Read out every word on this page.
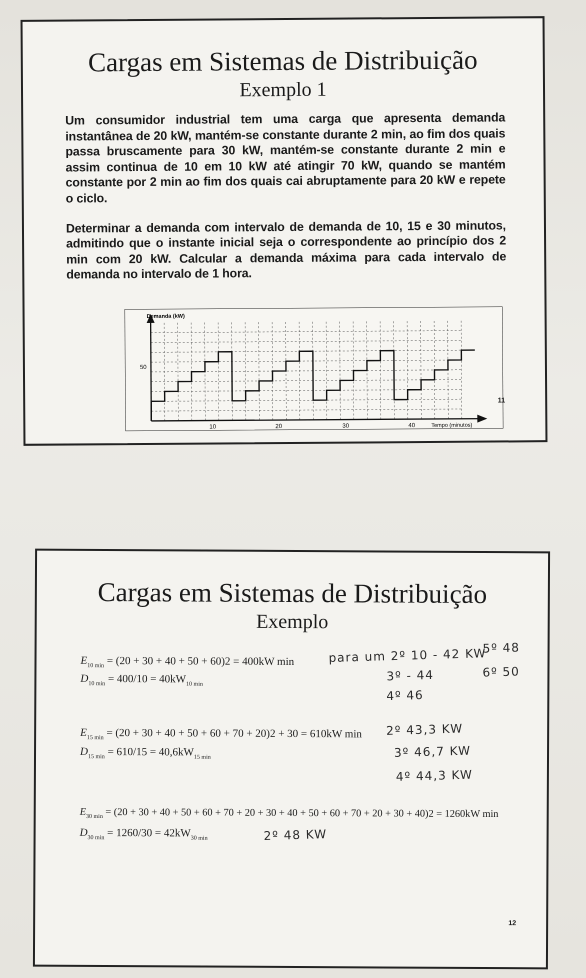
Cargas em Sistemas de Distribuição
Exemplo 1
Um consumidor industrial tem uma carga que apresenta demanda instantânea de 20 kW, mantém-se constante durante 2 min, ao fim dos quais passa bruscamente para 30 kW, mantém-se constante durante 2 min e assim continua de 10 em 10 kW até atingir 70 kW, quando se mantém constante por 2 min ao fim dos quais cai abruptamente para 20 kW e repete o ciclo.
Determinar a demanda com intervalo de demanda de 10, 15 e 30 minutos, admitindo que o instante inicial seja o correspondente ao princípio dos 2 min com 20 kW. Calcular a demanda máxima para cada intervalo de demanda no intervalo de 1 hora.
Demanda (kW)
Tempo (minutos)
50
10	20	30	40
11
Cargas em Sistemas de Distribuição
Exemplo
$E_{10 min} = (20 + 30 + 40 + 50 + 60)2 = 400kW$ min
$D_{10 min} = 400/10 = 40kW_{10 min}$
$E_{15 min} = (20 + 30 + 40 + 50 + 60 + 70 + 20)2 + 30 = 610kW$ min
$D_{15 min} = 610/15 = 40,6kW_{15 min}$
$E_{30 min} = (20 + 30 + 40 + 50 + 60 + 70 + 20 + 30 + 40 + 50 + 60 + 70 + 20 + 30 + 40)2 = 1260kW$ min
$D_{30 min} = 1260/30 = 42kW_{30 min}$
para um 2º 10 - 42 KW
5º 48
3º - 44	6º 50
4º 46
2º 43,3 KW
3º 46,7 KW
4º 44,3 KW
2º 48 KW
12
